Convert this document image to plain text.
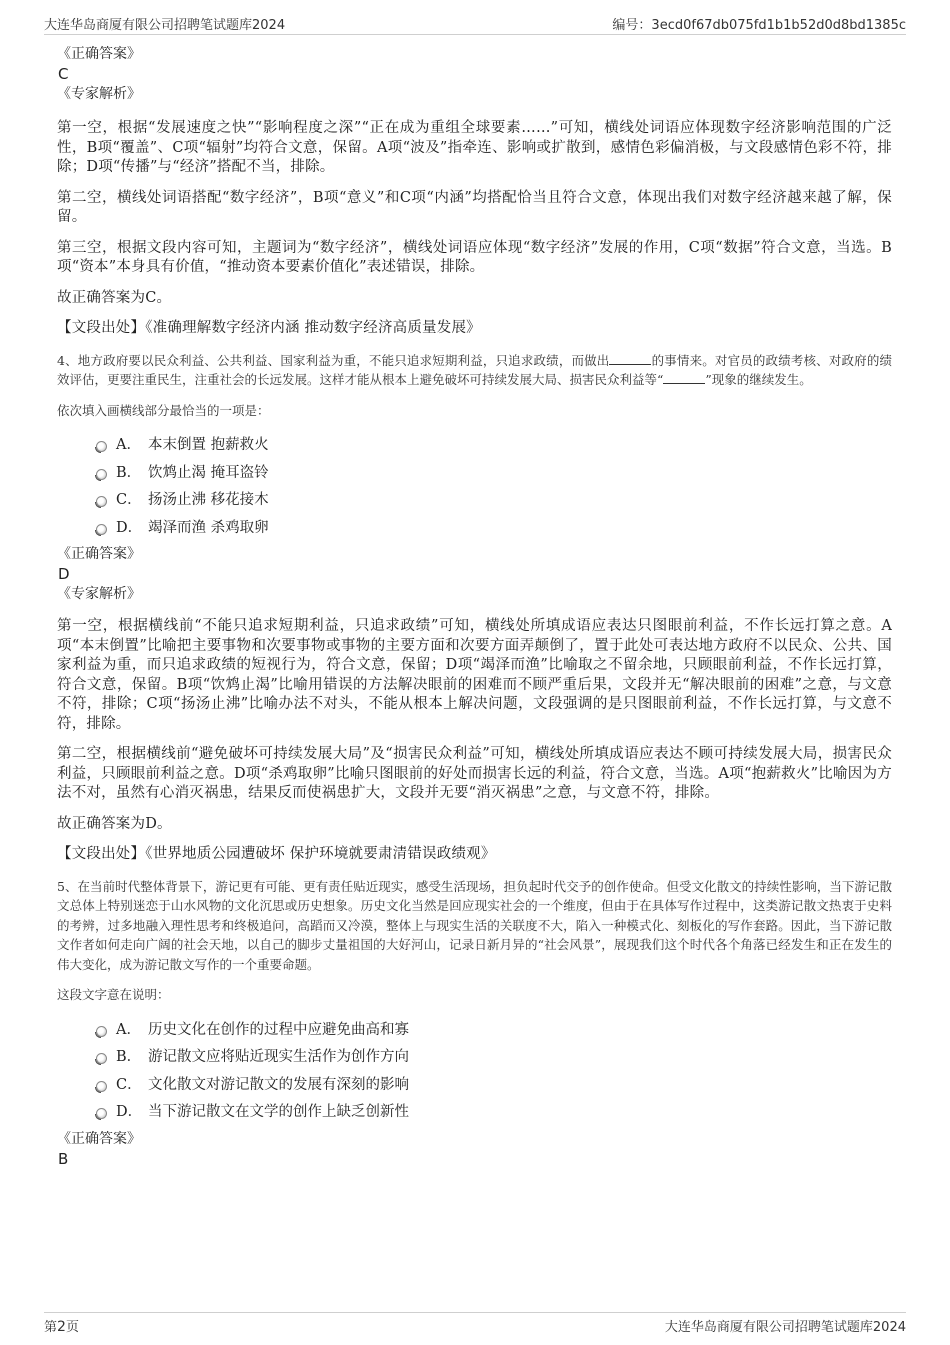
大连华岛商厦有限公司招聘笔试题库2024	编号：3ecd0f67db075fd1b1b52d0d8bd1385c

《正确答案》

C

《专家解析》

第一空，根据“发展速度之快”“影响程度之深”“正在成为重组全球要素……”可知，横线处词语应体现数字经济影响范围的广泛性，B项“覆盖”、C项“辐射”均符合文意，保留。A项“波及”指牵连、影响或扩散到，感情色彩偏消极，与文段感情色彩不符，排除；D项“传播”与“经济”搭配不当，排除。

第二空，横线处词语搭配“数字经济”，B项“意义”和C项“内涵”均搭配恰当且符合文意，体现出我们对数字经济越来越了解，保留。

第三空，根据文段内容可知，主题词为“数字经济”，横线处词语应体现“数字经济”发展的作用，C项“数据”符合文意，当选。B项“资本”本身具有价值，“推动资本要素价值化”表述错误，排除。

故正确答案为C。

【文段出处】《准确理解数字经济内涵 推动数字经济高质量发展》

4、地方政府要以民众利益、公共利益、国家利益为重，不能只追求短期利益，只追求政绩，而做出	的事情来。对官员的政绩考核、对政府的绩效评估，更要注重民生，注重社会的长远发展。这样才能从根本上避免破坏可持续发展大局、损害民众利益等“	”现象的继续发生。

依次填入画横线部分最恰当的一项是：

A． 本末倒置 抱薪救火
B． 饮鸩止渴 掩耳盗铃
C． 扬汤止沸 移花接木
D． 竭泽而渔 杀鸡取卵

《正确答案》

D

《专家解析》

第一空，根据横线前“不能只追求短期利益，只追求政绩”可知，横线处所填成语应表达只图眼前利益，不作长远打算之意。A项“本末倒置”比喻把主要事物和次要事物或事物的主要方面和次要方面弄颠倒了，置于此处可表达地方政府不以民众、公共、国家利益为重，而只追求政绩的短视行为，符合文意，保留；D项“竭泽而渔”比喻取之不留余地，只顾眼前利益，不作长远打算，符合文意，保留。B项“饮鸩止渴”比喻用错误的方法解决眼前的困难而不顾严重后果，文段并无“解决眼前的困难”之意，与文意不符，排除；C项“扬汤止沸”比喻办法不对头，不能从根本上解决问题，文段强调的是只图眼前利益，不作长远打算，与文意不符，排除。

第二空，根据横线前“避免破坏可持续发展大局”及“损害民众利益”可知，横线处所填成语应表达不顾可持续发展大局，损害民众利益，只顾眼前利益之意。D项“杀鸡取卵”比喻只图眼前的好处而损害长远的利益，符合文意，当选。A项“抱薪救火”比喻因为方法不对，虽然有心消灭祸患，结果反而使祸患扩大，文段并无要“消灭祸患”之意，与文意不符，排除。

故正确答案为D。

【文段出处】《世界地质公园遭破坏 保护环境就要肃清错误政绩观》

5、在当前时代整体背景下，游记更有可能、更有责任贴近现实，感受生活现场，担负起时代交予的创作使命。但受文化散文的持续性影响，当下游记散文总体上特别迷恋于山水风物的文化沉思或历史想象。历史文化当然是回应现实社会的一个维度，但由于在具体写作过程中，这类游记散文热衷于史料的考辨，过多地融入理性思考和终极追问，高蹈而又冷漠，整体上与现实生活的关联度不大，陷入一种模式化、刻板化的写作套路。因此，当下游记散文作者如何走向广阔的社会天地，以自己的脚步丈量祖国的大好河山，记录日新月异的“社会风景”，展现我们这个时代各个角落已经发生和正在发生的伟大变化，成为游记散文写作的一个重要命题。

这段文字意在说明：

A． 历史文化在创作的过程中应避免曲高和寡
B． 游记散文应将贴近现实生活作为创作方向
C． 文化散文对游记散文的发展有深刻的影响
D． 当下游记散文在文学的创作上缺乏创新性

《正确答案》

B

第2页	大连华岛商厦有限公司招聘笔试题库2024
